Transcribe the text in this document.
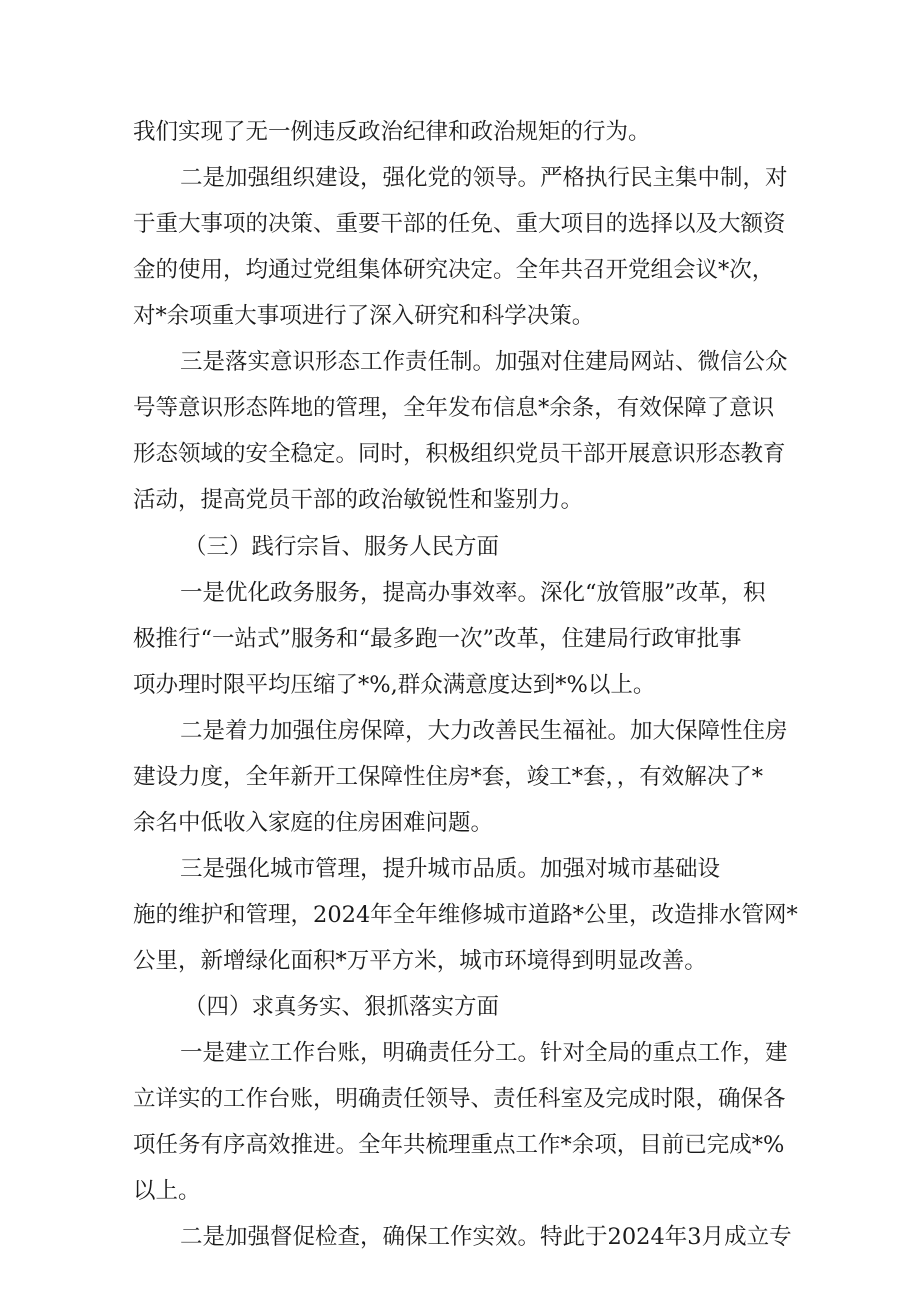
我们实现了无一例违反政治纪律和政治规矩的行为。
二是加强组织建设，强化党的领导。严格执行民主集中制，对
于重大事项的决策、重要干部的任免、重大项目的选择以及大额资
金的使用，均通过党组集体研究决定。全年共召开党组会议*次，
对*余项重大事项进行了深入研究和科学决策。
三是落实意识形态工作责任制。加强对住建局网站、微信公众
号等意识形态阵地的管理，全年发布信息*余条，有效保障了意识
形态领域的安全稳定。同时，积极组织党员干部开展意识形态教育
活动，提高党员干部的政治敏锐性和鉴别力。
（三）践行宗旨、服务人民方面
一是优化政务服务，提高办事效率。深化“放管服”改革，积
极推行“一站式”服务和“最多跑一次”改革，住建局行政审批事
项办理时限平均压缩了*%,群众满意度达到*%以上。
二是着力加强住房保障，大力改善民生福祉。加大保障性住房
建设力度，全年新开工保障性住房*套，竣工*套，，有效解决了*
余名中低收入家庭的住房困难问题。
三是强化城市管理，提升城市品质。加强对城市基础设
施的维护和管理，2024年全年维修城市道路*公里，改造排水管网*
公里，新增绿化面积*万平方米，城市环境得到明显改善。
（四）求真务实、狠抓落实方面
一是建立工作台账，明确责任分工。针对全局的重点工作，建
立详实的工作台账，明确责任领导、责任科室及完成时限，确保各
项任务有序高效推进。全年共梳理重点工作*余项，目前已完成*%
以上。
二是加强督促检查，确保工作实效。特此于2024年3月成立专
